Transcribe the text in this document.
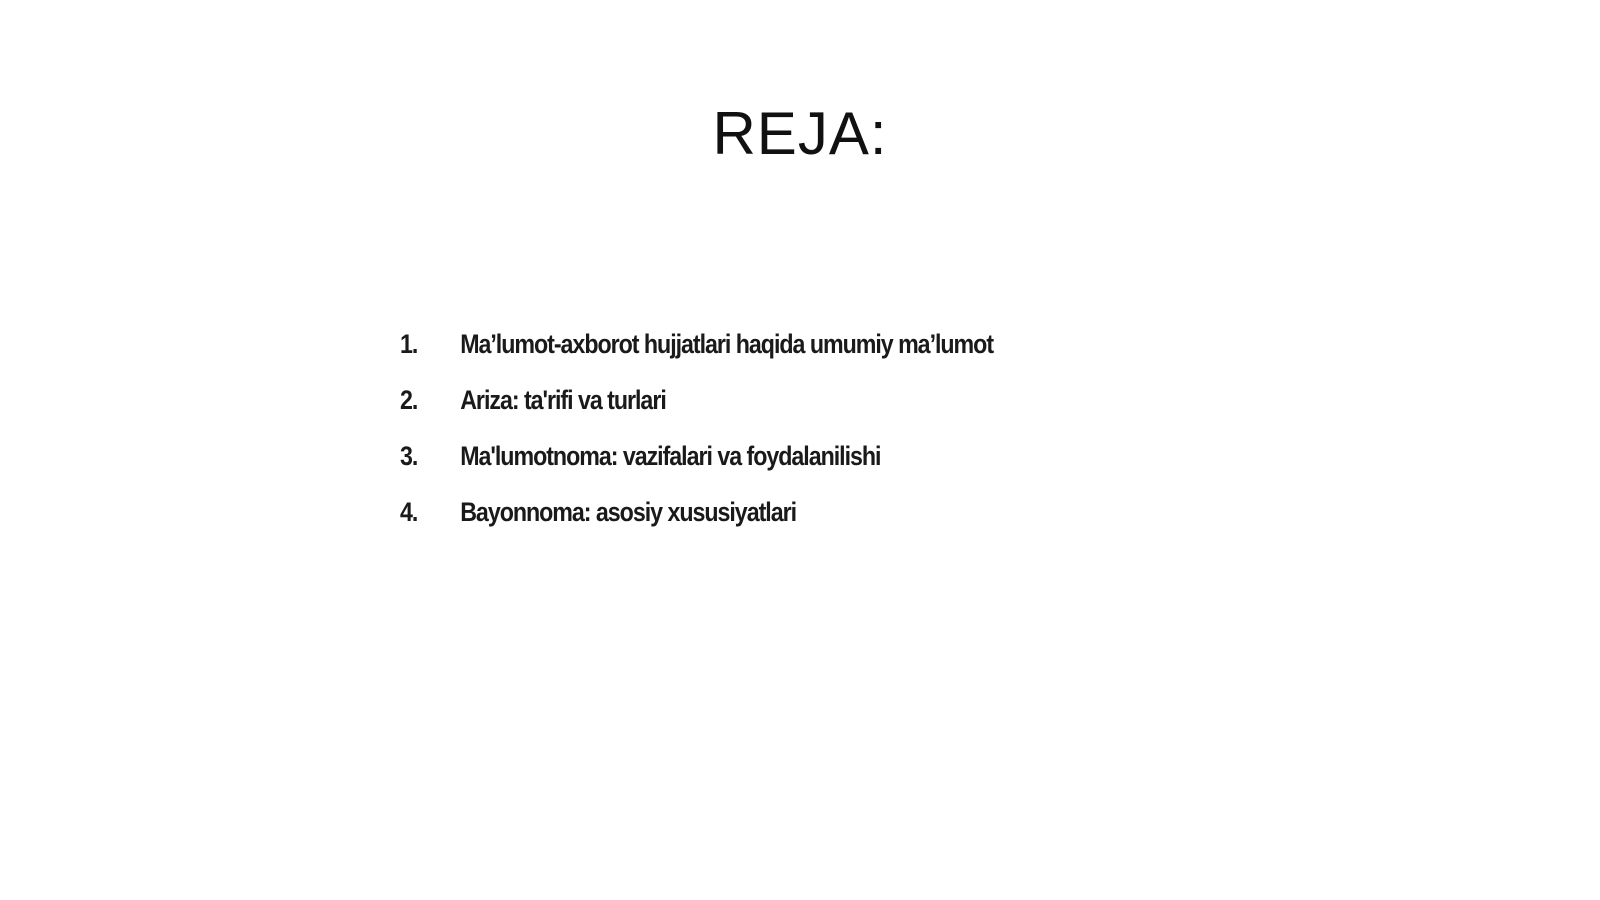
REJA:
1.	Ma’lumot-axborot hujjatlari haqida umumiy ma’lumot
2.	Ariza: ta'rifi va turlari
3.	Ma'lumotnoma: vazifalari va foydalanilishi
4.	Bayonnoma: asosiy xususiyatlari
